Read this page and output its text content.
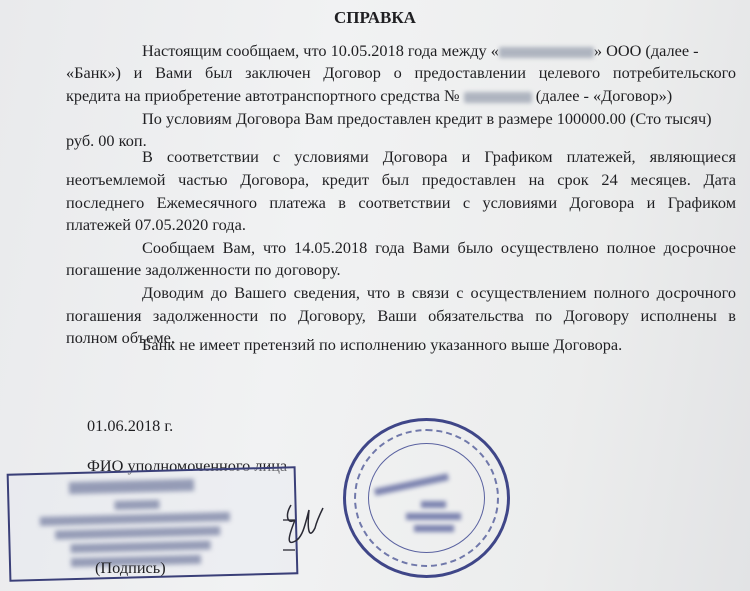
СПРАВКА
Настоящим сообщаем, что 10.05.2018 года между «	» ООО (далее -
«Банк») и Вами был заключен Договор о предоставлении целевого потребительского
кредита на приобретение автотранспортного средства №	(далее - «Договор»)
По условиям Договора Вам предоставлен кредит в размере 100000.00 (Сто тысяч)
руб. 00 коп.
В соответствии с условиями Договора и Графиком платежей, являющиеся
неотъемлемой частью Договора, кредит был предоставлен на срок 24 месяцев. Дата
последнего Ежемесячного платежа в соответствии с условиями Договора и Графиком
платежей 07.05.2020 года.
Сообщаем Вам, что 14.05.2018 года Вами было осуществлено полное досрочное
погашение задолженности по договору.
Доводим до Вашего сведения, что в связи с осуществлением полного досрочного
погашения задолженности по Договору, Ваши обязательства по Договору исполнены в
полном объеме.
Банк не имеет претензий по исполнению указанного выше Договора.
01.06.2018 г.
ФИО уполномоченного лица
(Подпись)
